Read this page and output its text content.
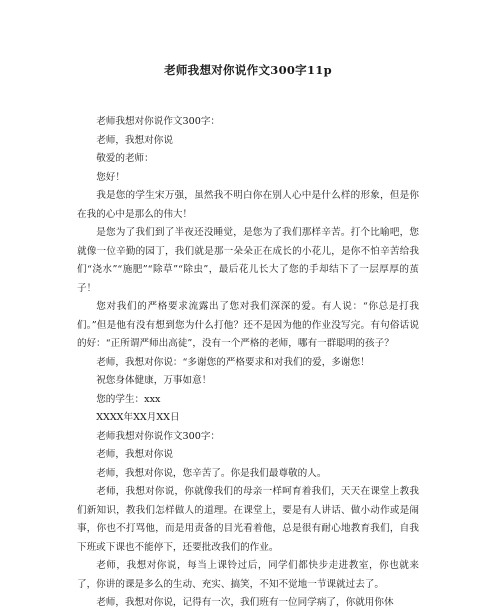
老师我想对你说作文300字11p

老师我想对你说作文300字：

老师，我想对你说

敬爱的老师：

您好！

我是您的学生宋万强，虽然我不明白你在别人心中是什么样的形象，但是你在我的心中是那么的伟大！

是您为了我们到了半夜还没睡觉，是您为了我们那样辛苦。打个比喻吧，您就像一位辛勤的园丁，我们就是那一朵朵正在成长的小花儿，是你不怕辛苦给我们“浇水”“施肥”“除草”“除虫”，最后花儿长大了您的手却结下了一层厚厚的茧子！

您对我们的严格要求流露出了您对我们深深的爱。有人说：“你总是打我们。”但是他有没有想到您为什么打他？还不是因为他的作业没写完。有句俗话说的好：“正所谓严师出高徒”，没有一个严格的老师，哪有一群聪明的孩子？

老师，我想对你说：“多谢您的严格要求和对我们的爱，多谢您！

祝您身体健康，万事如意！

您的学生：xxx

XXXX年XX月XX日

老师我想对你说作文300字：

老师，我想对你说

老师，我想对你说，您辛苦了。你是我们最尊敬的人。

老师，我想对你说，你就像我们的母亲一样呵育着我们，天天在课堂上教我们新知识，教我们怎样做人的道理。在课堂上，要是有人讲话、做小动作或是闹事，你也不打骂他，而是用责备的目光看着他，总是很有耐心地教育我们，自我下班或下课也不能停下，还要批改我们的作业。

老师，我想对你说，每当上课铃过后，同学们都快步走进教室，你也就来了，你讲的课是多么的生动、充实、搞笑，不知不觉地一节课就过去了。

老师，我想对你说，记得有一次，我们班有一位同学病了，你就用你休
